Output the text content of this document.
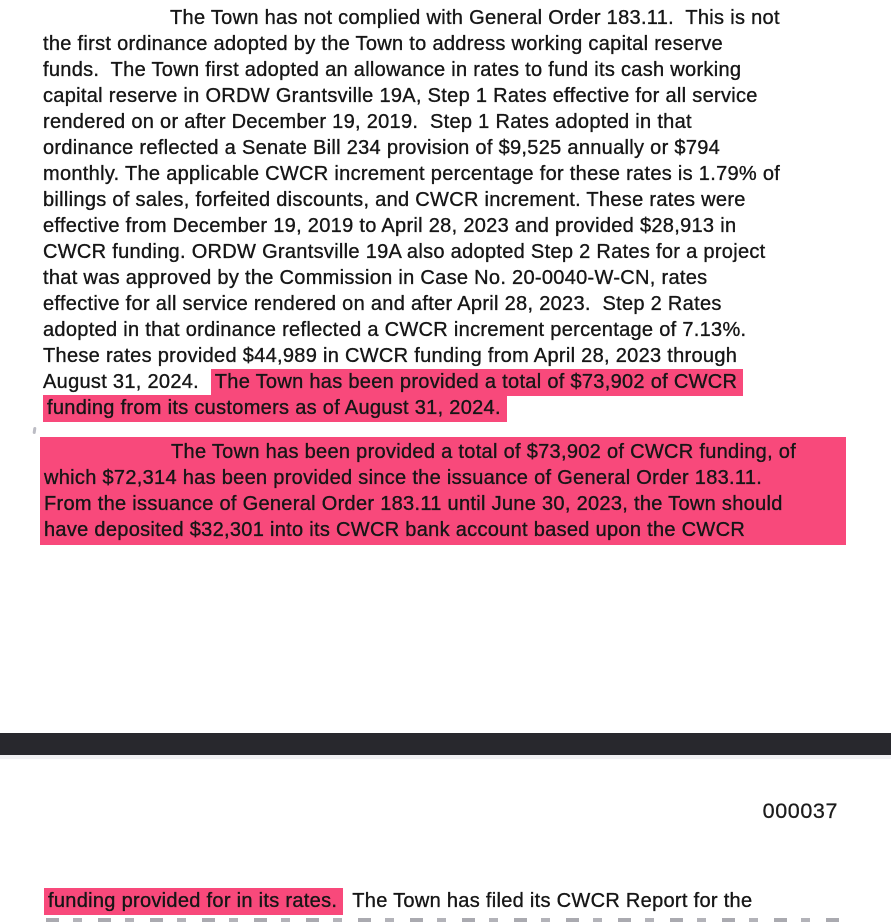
The Town has not complied with General Order 183.11.  This is not
the first ordinance adopted by the Town to address working capital reserve
funds.  The Town first adopted an allowance in rates to fund its cash working
capital reserve in ORDW Grantsville 19A, Step 1 Rates effective for all service
rendered on or after December 19, 2019.  Step 1 Rates adopted in that
ordinance reflected a Senate Bill 234 provision of $9,525 annually or $794
monthly. The applicable CWCR increment percentage for these rates is 1.79% of
billings of sales, forfeited discounts, and CWCR increment. These rates were
effective from December 19, 2019 to April 28, 2023 and provided $28,913 in
CWCR funding. ORDW Grantsville 19A also adopted Step 2 Rates for a project
that was approved by the Commission in Case No. 20-0040-W-CN, rates
effective for all service rendered on and after April 28, 2023.  Step 2 Rates
adopted in that ordinance reflected a CWCR increment percentage of 7.13%.
These rates provided $44,989 in CWCR funding from April 28, 2023 through
August 31, 2024.  The Town has been provided a total of $73,902 of CWCR
funding from its customers as of August 31, 2024.
The Town has been provided a total of $73,902 of CWCR funding, of
which $72,314 has been provided since the issuance of General Order 183.11.
From the issuance of General Order 183.11 until June 30, 2023, the Town should
have deposited $32,301 into its CWCR bank account based upon the CWCR
000037
funding provided for in its rates. The Town has filed its CWCR Report for the
